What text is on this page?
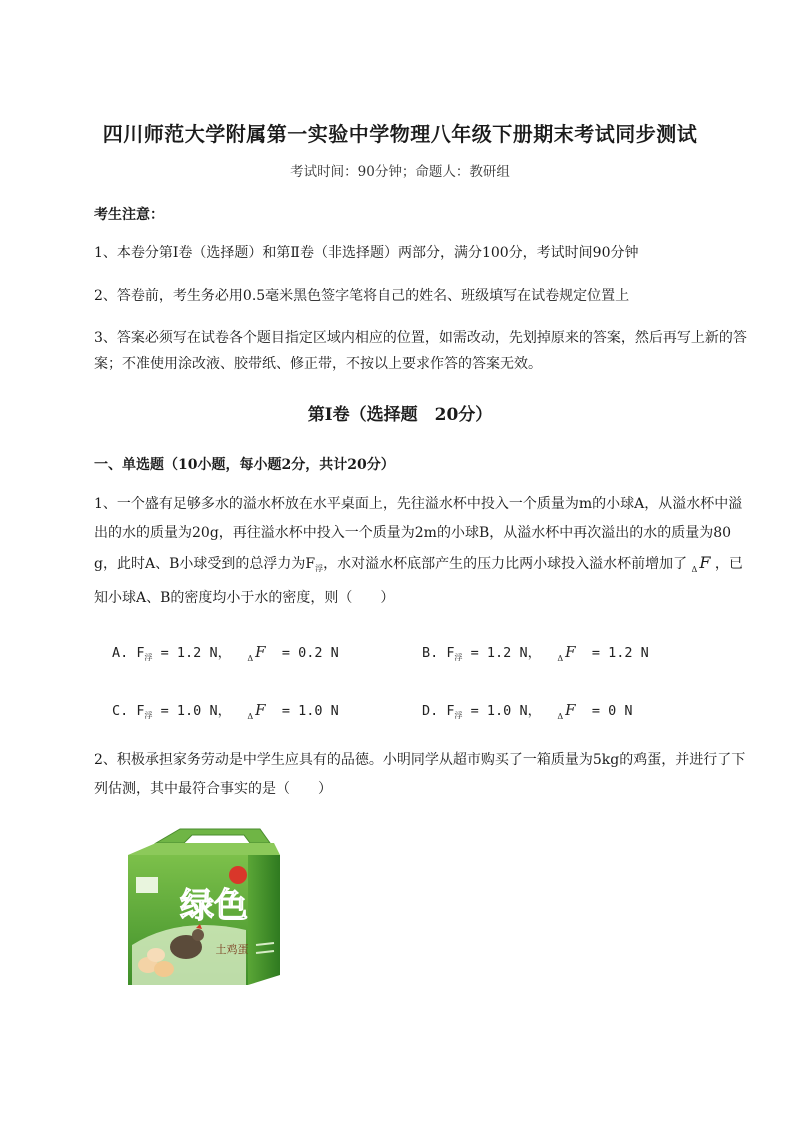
四川师范大学附属第一实验中学物理八年级下册期末考试同步测试
考试时间：90分钟；命题人：教研组
考生注意：
1、本卷分第I卷（选择题）和第Ⅱ卷（非选择题）两部分，满分100分，考试时间90分钟
2、答卷前，考生务必用0.5毫米黑色签字笔将自己的姓名、班级填写在试卷规定位置上
3、答案必须写在试卷各个题目指定区域内相应的位置，如需改动，先划掉原来的答案，然后再写上新的答案；不准使用涂改液、胶带纸、修正带，不按以上要求作答的答案无效。
第I卷（选择题　20分）
一、单选题（10小题，每小题2分，共计20分）
1、一个盛有足够多水的溢水杯放在水平桌面上，先往溢水杯中投入一个质量为m的小球A，从溢水杯中溢出的水的质量为20g，再往溢水杯中投入一个质量为2m的小球B，从溢水杯中再次溢出的水的质量为80 g，此时A、B小球受到的总浮力为$F_浮$，水对溢水杯底部产生的压力比两小球投入溢水杯前增加了 $_\Delta$ F ，已知小球A、B的密度均小于水的密度，则（　　）
A. $F_浮 = 1.2$ N， $_\Delta$ F = 0.2 N	B. $F_浮 = 1.2$ N， $_\Delta$ F = 1.2 N
C. $F_浮 = 1.0$ N， $_\Delta$ F = 1.0 N	D. $F_浮 = 1.0$ N， $_\Delta$ F = 0 N
2、积极承担家务劳动是中学生应具有的品德。小明同学从超市购买了一箱质量为5kg的鸡蛋，并进行了下列估测，其中最符合事实的是（　　）
绿色
土鸡蛋
